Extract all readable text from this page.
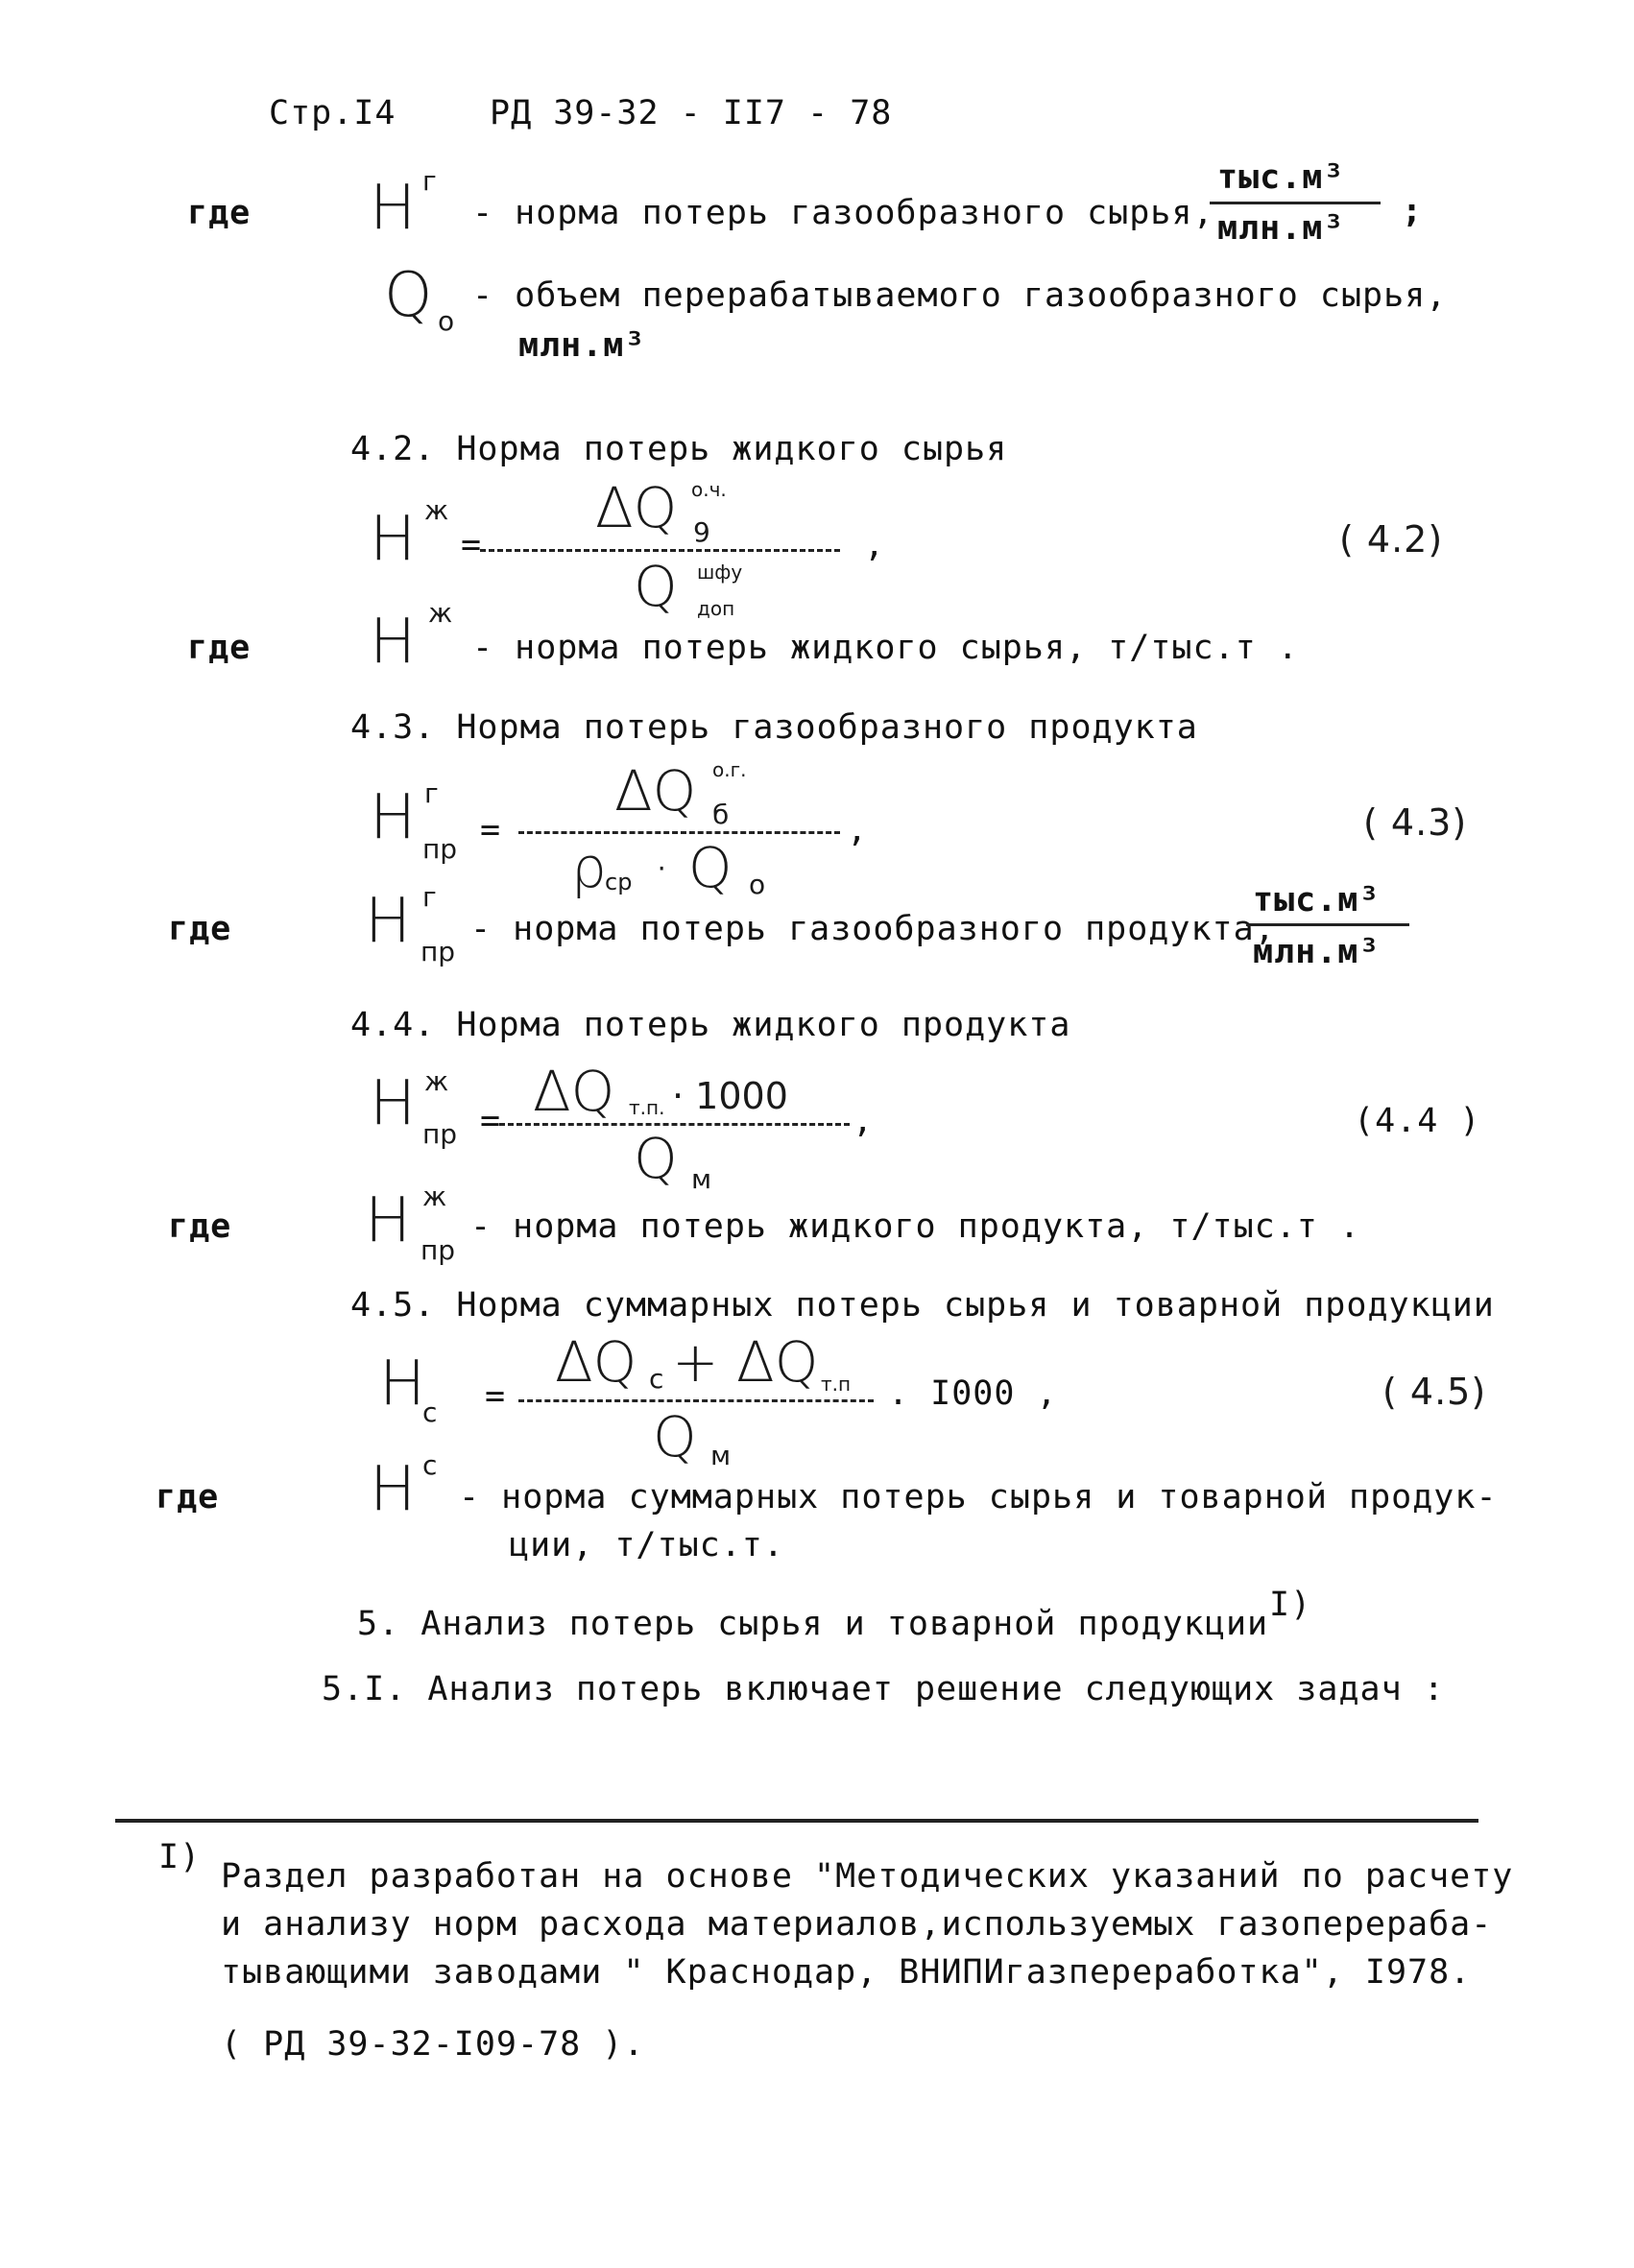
Стр.I4	РД 39-32 - II7 - 78
где Н г
- норма потерь газообразного сырья,
тыс.м³
млн.м³ ;
Q о
- объем перерабатываемого газообразного сырья,
млн.м³
4.2. Норма потерь жидкого сырья
Н ж
=
ΔQ о.ч.
9	,
Q шфу
доп
( 4.2)
где Н ж
- норма потерь жидкого сырья, т/тыс.т .
4.3. Норма потерь газообразного продукта
Н г
пр =
ΔQ о.г.
б	,
ρ
ср · Q о
( 4.3)
где Н г
пр
- норма потерь газообразного продукта,
тыс.м³
млн.м³
4.4. Норма потерь жидкого продукта
Н ж
пр = ΔQ т.п. · 1000
,
Q м
(4.4 )
где Н ж
пр
- норма потерь жидкого продукта, т/тыс.т .
4.5. Норма суммарных потерь сырья и товарной продукции
Н
с =
ΔQ с + ΔQ т.п . I000 ,
Q м
( 4.5)
где Н с
- норма суммарных потерь сырья и товарной продук-
ции, т/тыс.т.
5. Анализ потерь сырья и товарной продукции I)
5.I. Анализ потерь включает решение следующих задач :
I) Раздел разработан на основе "Методических указаний по расчету
и анализу норм расхода материалов,используемых газоперераба-
тывающими заводами " Краснодар, ВНИПИгазпереработка", I978.
( РД 39-32-I09-78 ).
